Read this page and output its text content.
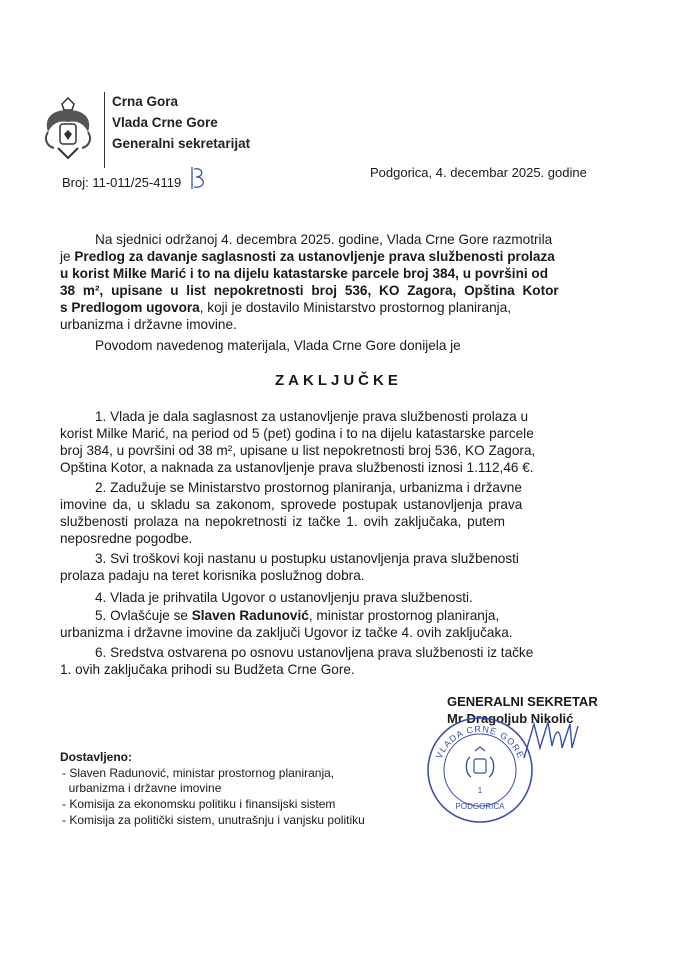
Crna Gora
Vlada Crne Gore
Generalni sekretarijat
Broj: 11-011/25-4119
Podgorica, 4. decembar 2025. godine
Na sjednici održanoj 4. decembra 2025. godine, Vlada Crne Gore razmotrila
je Predlog za davanje saglasnosti za ustanovljenje prava službenosti prolaza
u korist Milke Marić i to na dijelu katastarske parcele broj 384, u površini od
38 m², upisane u list nepokretnosti broj 536, KO Zagora, Opština Kotor
s Predlogom ugovora, koji je dostavilo Ministarstvo prostornog planiranja,
urbanizma i državne imovine.
Povodom navedenog materijala, Vlada Crne Gore donijela je
ZAKLJUČKE
1. Vlada je dala saglasnost za ustanovljenje prava službenosti prolaza u
korist Milke Marić, na period od 5 (pet) godina i to na dijelu katastarske parcele
broj 384, u površini od 38 m², upisane u list nepokretnosti broj 536, KO Zagora,
Opština Kotor, a naknada za ustanovljenje prava službenosti iznosi 1.112,46 €.
2. Zadužuje se Ministarstvo prostornog planiranja, urbanizma i državne
imovine da, u skladu sa zakonom, sprovede postupak ustanovljenja prava
službenosti prolaza na nepokretnosti iz tačke 1. ovih zaključaka, putem
neposredne pogodbe.
3. Svi troškovi koji nastanu u postupku ustanovljenja prava službenosti
prolaza padaju na teret korisnika poslužnog dobra.
4. Vlada je prihvatila Ugovor o ustanovljenju prava službenosti.
5. Ovlašćuje se Slaven Radunović, ministar prostornog planiranja,
urbanizma i državne imovine da zaključi Ugovor iz tačke 4. ovih zaključaka.
6. Sredstva ostvarena po osnovu ustanovljena prava službenosti iz tačke
1. ovih zaključaka prihodi su Budžeta Crne Gore.
GENERALNI SEKRETAR
Mr Dragoljub Nikolić
VLADA CRNE GORE
1
PODGORICA
Dostavljeno:
- Slaven Radunović, ministar prostornog planiranja,
urbanizma i državne imovine
- Komisija za ekonomsku politiku i finansijski sistem
- Komisija za politički sistem, unutrašnju i vanjsku politiku
